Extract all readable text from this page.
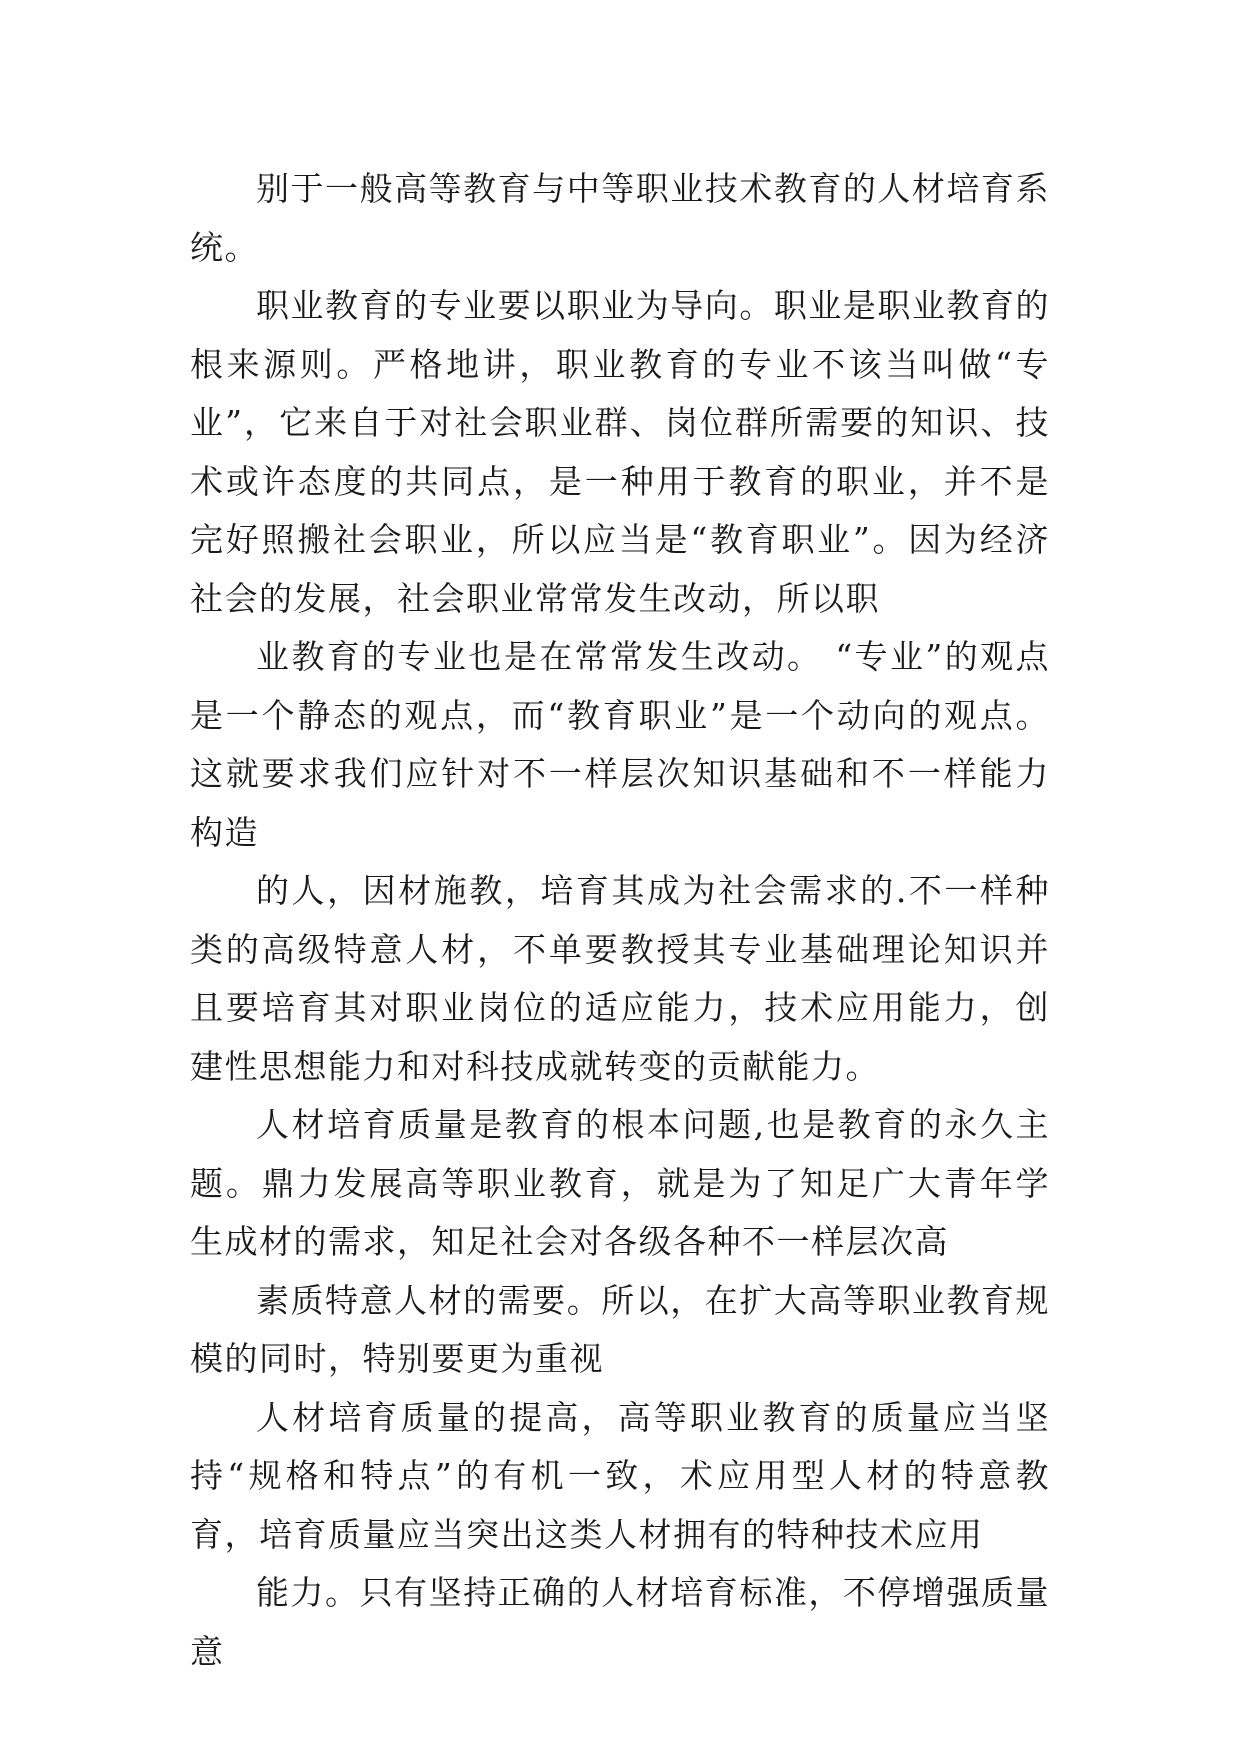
别于一般高等教育与中等职业技术教育的人材培育系统。

职业教育的专业要以职业为导向。职业是职业教育的根来源则。严格地讲，职业教育的专业不该当叫做“专业”，它来自于对社会职业群、岗位群所需要的知识、技术或许态度的共同点，是一种用于教育的职业，并不是完好照搬社会职业，所以应当是“教育职业”。因为经济社会的发展，社会职业常常发生改动，所以职

业教育的专业也是在常常发生改动。 “专业”的观点是一个静态的观点，而“教育职业”是一个动向的观点。这就要求我们应针对不一样层次知识基础和不一样能力构造

的人，因材施教，培育其成为社会需求的.不一样种类的高级特意人材，不单要教授其专业基础理论知识并且要培育其对职业岗位的适应能力，技术应用能力，创建性思想能力和对科技成就转变的贡献能力。

人材培育质量是教育的根本问题,也是教育的永久主题。鼎力发展高等职业教育，就是为了知足广大青年学生成材的需求，知足社会对各级各种不一样层次高

素质特意人材的需要。所以，在扩大高等职业教育规模的同时，特别要更为重视

人材培育质量的提高，高等职业教育的质量应当坚持“规格和特点”的有机一致，术应用型人材的特意教育，培育质量应当突出这类人材拥有的特种技术应用

能力。只有坚持正确的人材培育标准，不停增强质量意
